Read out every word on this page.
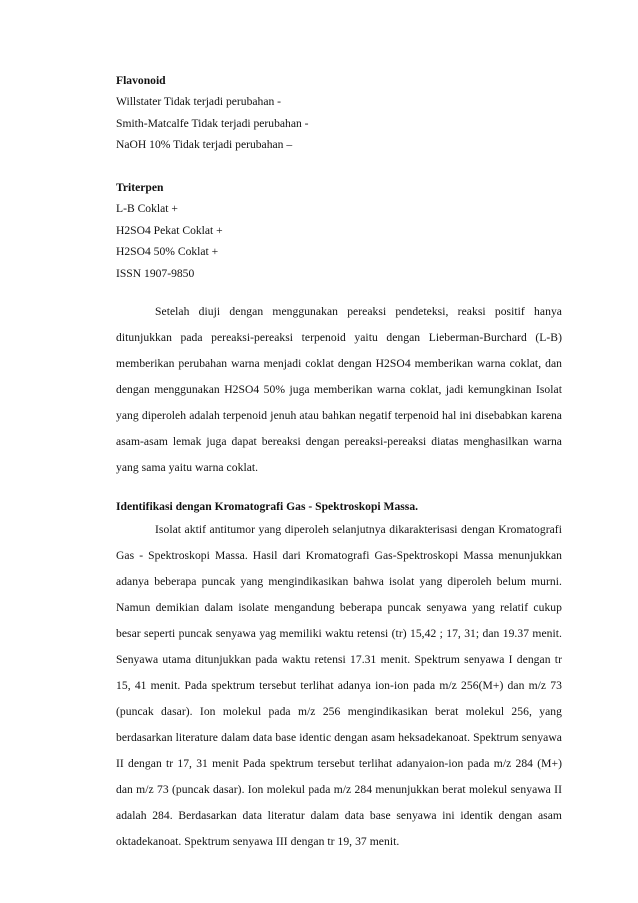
Flavonoid

Willstater Tidak terjadi perubahan -

Smith-Matcalfe Tidak terjadi perubahan -

NaOH 10% Tidak terjadi perubahan –

Triterpen

L-B Coklat +

H2SO4 Pekat Coklat +

H2SO4 50% Coklat +

ISSN 1907-9850

Setelah diuji dengan menggunakan pereaksi pendeteksi, reaksi positif hanya ditunjukkan pada pereaksi-pereaksi terpenoid yaitu dengan Lieberman-Burchard (L-B) memberikan perubahan warna menjadi coklat dengan H2SO4 memberikan warna coklat, dan dengan menggunakan H2SO4 50% juga memberikan warna coklat, jadi kemungkinan Isolat yang diperoleh adalah terpenoid jenuh atau bahkan negatif terpenoid hal ini disebabkan karena asam-asam lemak juga dapat bereaksi dengan pereaksi-pereaksi diatas menghasilkan warna yang sama yaitu warna coklat.

Identifikasi dengan Kromatografi Gas - Spektroskopi Massa.

Isolat aktif antitumor yang diperoleh selanjutnya dikarakterisasi dengan Kromatografi Gas - Spektroskopi Massa. Hasil dari Kromatografi Gas-Spektroskopi Massa menunjukkan adanya beberapa puncak yang mengindikasikan bahwa isolat yang diperoleh belum murni. Namun demikian dalam isolate mengandung beberapa puncak senyawa yang relatif cukup besar seperti puncak senyawa yag memiliki waktu retensi (tr) 15,42 ; 17, 31; dan 19.37 menit. Senyawa utama ditunjukkan pada waktu retensi 17.31 menit. Spektrum senyawa I dengan tr 15, 41 menit. Pada spektrum tersebut terlihat adanya ion-ion pada m/z 256(M+) dan m/z 73 (puncak dasar). Ion molekul pada m/z 256 mengindikasikan berat molekul 256, yang berdasarkan literature dalam data base identic dengan asam heksadekanoat. Spektrum senyawa II dengan tr 17, 31 menit Pada spektrum tersebut terlihat adanyaion-ion pada m/z 284 (M+) dan m/z 73 (puncak dasar). Ion molekul pada m/z 284 menunjukkan berat molekul senyawa II adalah 284. Berdasarkan data literatur dalam data base senyawa ini identik dengan asam oktadekanoat. Spektrum senyawa III dengan tr 19, 37 menit.
